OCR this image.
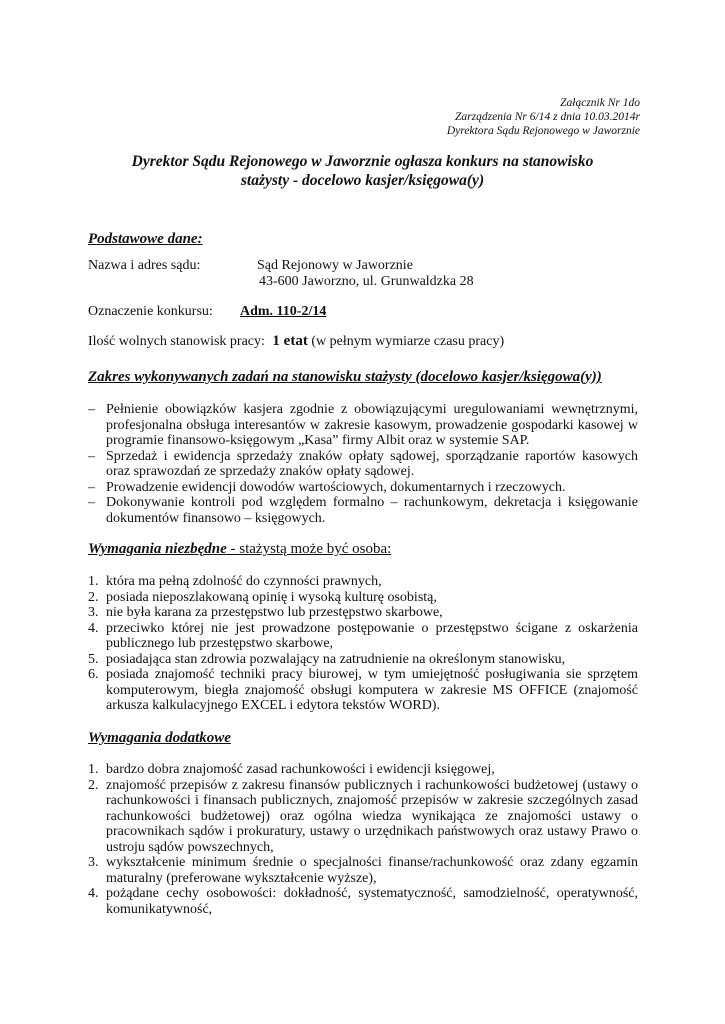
Załącznik Nr 1do
Zarządzenia Nr 6/14 z dnia 10.03.2014r
Dyrektora Sądu Rejonowego w Jaworznie
Dyrektor Sądu Rejonowego w Jaworznie ogłasza konkurs na stanowisko
stażysty - docelowo kasjer/księgowa(y)
Podstawowe dane:
Nazwa i adres sądu:	Sąd Rejonowy w Jaworznie
43-600 Jaworzno, ul. Grunwaldzka 28
Oznaczenie konkursu: Adm. 110-2/14
Ilość wolnych stanowisk pracy: 1 etat (w pełnym wymiarze czasu pracy)
Zakres wykonywanych zadań na stanowisku stażysty (docelowo kasjer/księgowa(y))
– Pełnienie obowiązków kasjera zgodnie z obowiązującymi uregulowaniami wewnętrznymi, profesjonalna obsługa interesantów w zakresie kasowym, prowadzenie gospodarki kasowej w programie finansowo-księgowym „Kasa” firmy Albit oraz w systemie SAP.
– Sprzedaż i ewidencja sprzedaży znaków opłaty sądowej, sporządzanie raportów kasowych oraz sprawozdań ze sprzedaży znaków opłaty sądowej.
– Prowadzenie ewidencji dowodów wartościowych, dokumentarnych i rzeczowych.
– Dokonywanie kontroli pod względem formalno – rachunkowym, dekretacja i księgowanie dokumentów finansowo – księgowych.
Wymagania niezbędne - stażystą może być osoba:
1. która ma pełną zdolność do czynności prawnych,
2. posiada nieposzlakowaną opinię i wysoką kulturę osobistą,
3. nie była karana za przestępstwo lub przestępstwo skarbowe,
4. przeciwko której nie jest prowadzone postępowanie o przestępstwo ścigane z oskarżenia publicznego lub przestępstwo skarbowe,
5. posiadająca stan zdrowia pozwalający na zatrudnienie na określonym stanowisku,
6. posiada znajomość techniki pracy biurowej, w tym umiejętność posługiwania sie sprzętem komputerowym, biegła znajomość obsługi komputera w zakresie MS OFFICE (znajomość arkusza kalkulacyjnego EXCEL i edytora tekstów WORD).
Wymagania dodatkowe
1. bardzo dobra znajomość zasad rachunkowości i ewidencji księgowej,
2. znajomość przepisów z zakresu finansów publicznych i rachunkowości budżetowej (ustawy o rachunkowości i finansach publicznych, znajomość przepisów w zakresie szczególnych zasad rachunkowości budżetowej) oraz ogólna wiedza wynikająca ze znajomości ustawy o pracownikach sądów i prokuratury, ustawy o urzędnikach państwowych oraz ustawy Prawo o ustroju sądów powszechnych,
3. wykształcenie minimum średnie o specjalności finanse/rachunkowość oraz zdany egzamin maturalny (preferowane wykształcenie wyższe),
4. pożądane cechy osobowości: dokładność, systematyczność, samodzielność, operatywność, komunikatywność,
